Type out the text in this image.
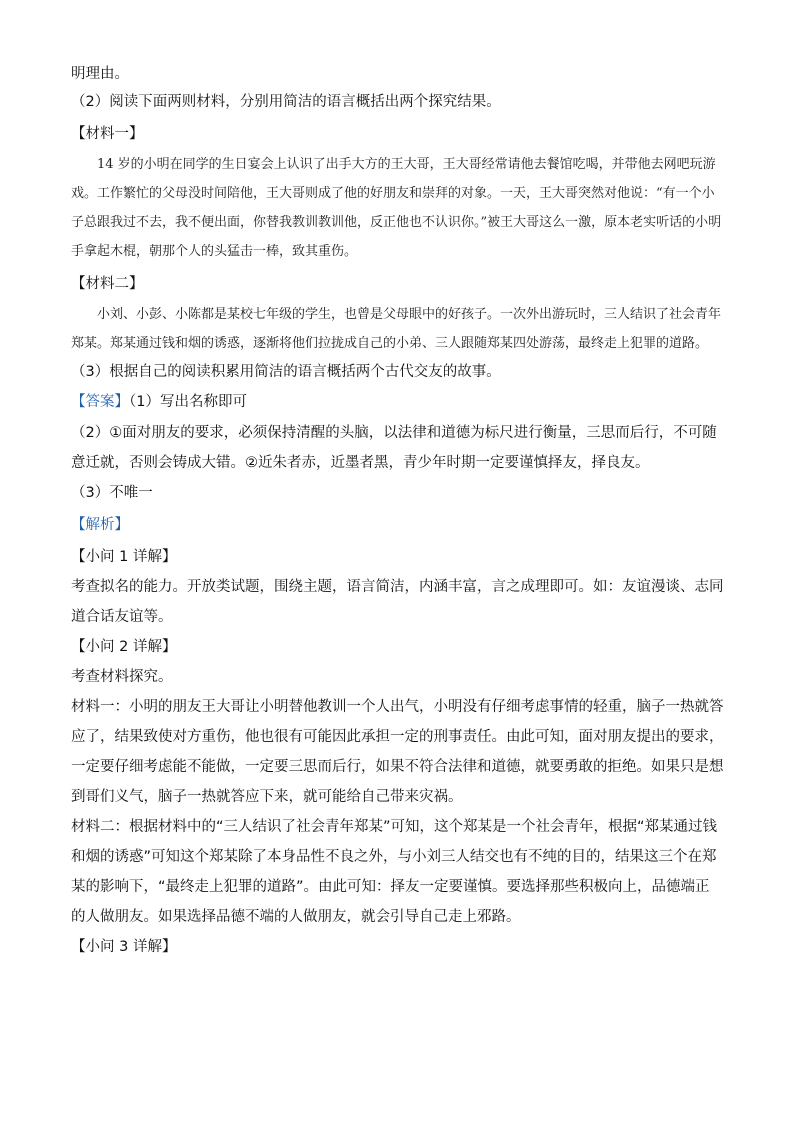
明理由。

（2）阅读下面两则材料，分别用简洁的语言概括出两个探究结果。

【材料一】

14 岁的小明在同学的生日宴会上认识了出手大方的王大哥，王大哥经常请他去餐馆吃喝，并带他去网吧玩游戏。工作繁忙的父母没时间陪他，王大哥则成了他的好朋友和崇拜的对象。一天，王大哥突然对他说：“有一个小子总跟我过不去，我不便出面，你替我教训教训他，反正他也不认识你。”被王大哥这么一激，原本老实听话的小明手拿起木棍，朝那个人的头猛击一棒，致其重伤。

【材料二】

小刘、小彭、小陈都是某校七年级的学生，也曾是父母眼中的好孩子。一次外出游玩时，三人结识了社会青年郑某。郑某通过钱和烟的诱惑，逐渐将他们拉拢成自己的小弟、三人跟随郑某四处游荡，最终走上犯罪的道路。

（3）根据自己的阅读积累用简洁的语言概括两个古代交友的故事。

【答案】（1）写出名称即可

（2）①面对朋友的要求，必须保持清醒的头脑，以法律和道德为标尺进行衡量，三思而后行，不可随意迁就，否则会铸成大错。②近朱者赤，近墨者黑，青少年时期一定要谨慎择友，择良友。

（3）不唯一

【解析】

【小问 1 详解】

考查拟名的能力。开放类试题，围绕主题，语言简洁，内涵丰富，言之成理即可。如：友谊漫谈、志同道合话友谊等。

【小问 2 详解】

考查材料探究。

材料一：小明的朋友王大哥让小明替他教训一个人出气，小明没有仔细考虑事情的轻重，脑子一热就答应了，结果致使对方重伤，他也很有可能因此承担一定的刑事责任。由此可知，面对朋友提出的要求，一定要仔细考虑能不能做，一定要三思而后行，如果不符合法律和道德，就要勇敢的拒绝。如果只是想到哥们义气，脑子一热就答应下来，就可能给自己带来灾祸。

材料二：根据材料中的“三人结识了社会青年郑某”可知，这个郑某是一个社会青年，根据“郑某通过钱和烟的诱惑”可知这个郑某除了本身品性不良之外，与小刘三人结交也有不纯的目的，结果这三个在郑某的影响下，“最终走上犯罪的道路”。由此可知：择友一定要谨慎。要选择那些积极向上，品德端正的人做朋友。如果选择品德不端的人做朋友，就会引导自己走上邪路。

【小问 3 详解】
